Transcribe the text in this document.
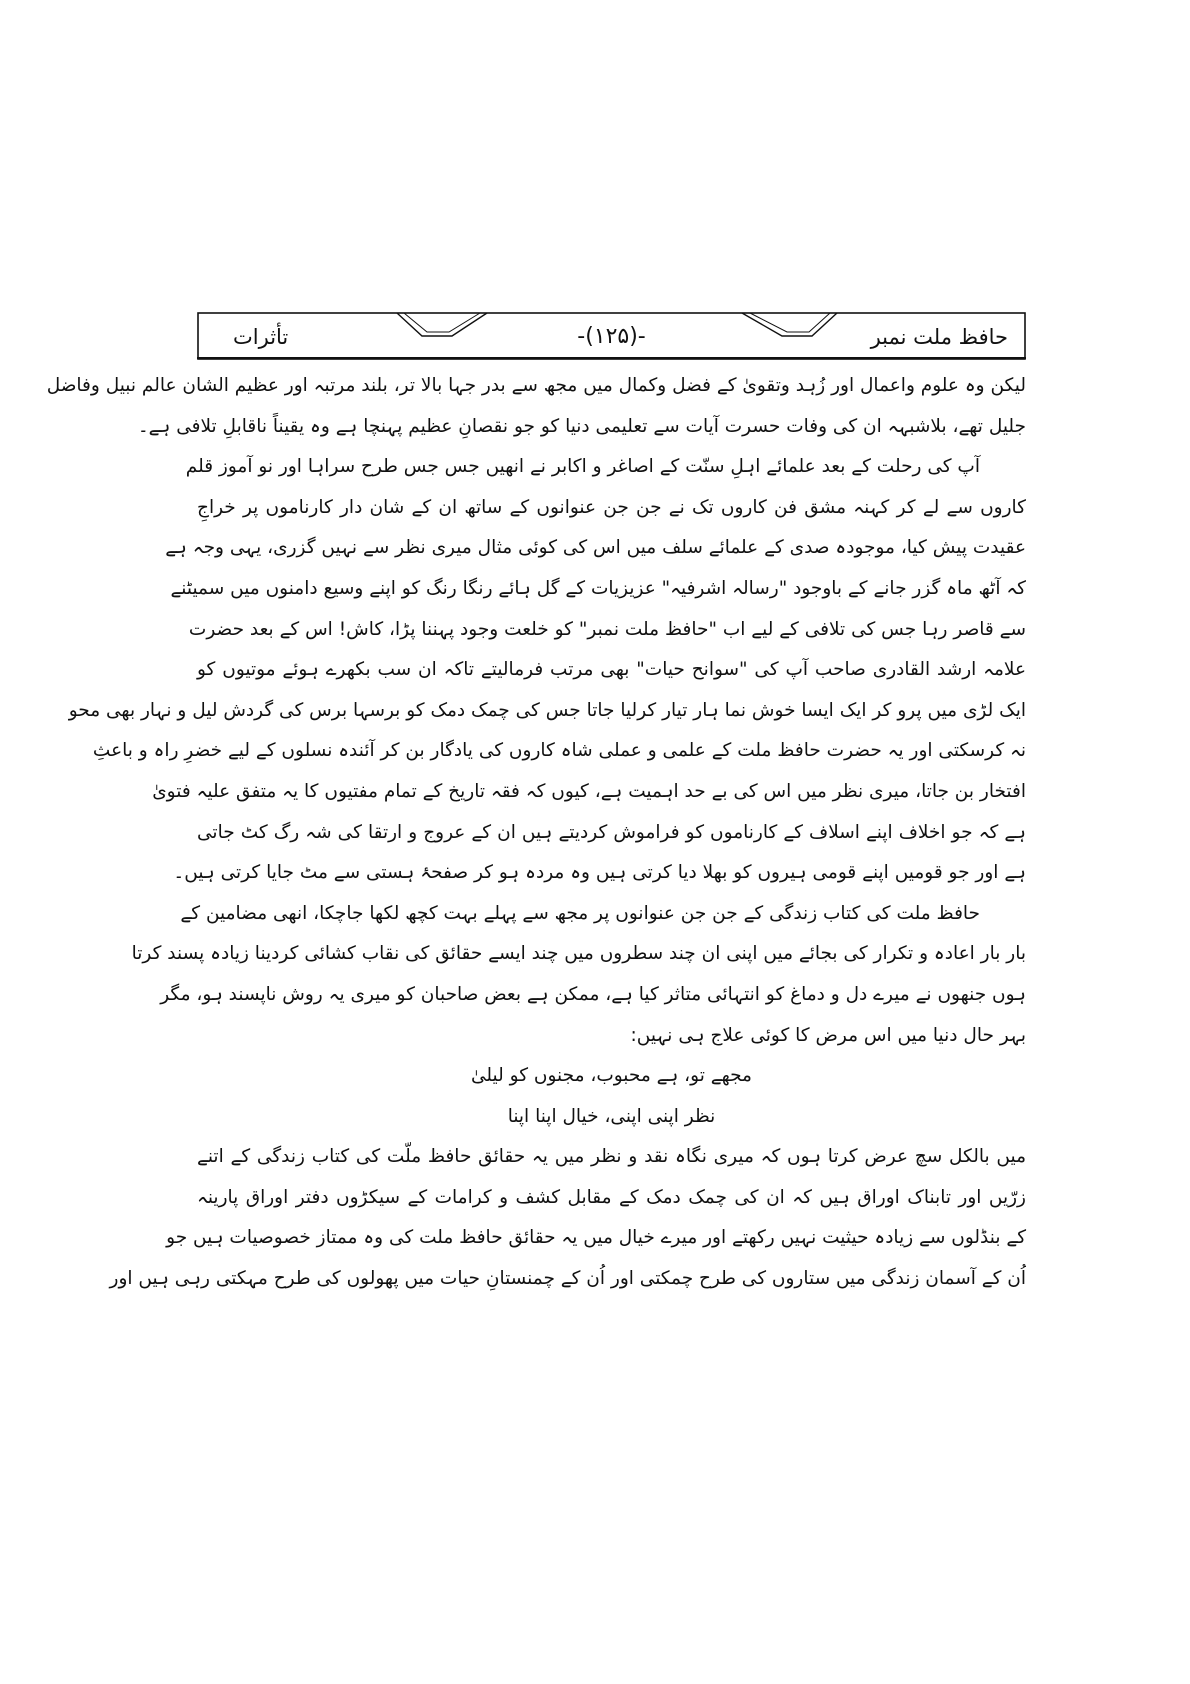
حافظ ملت نمبر
-(۱۲۵)-
تأثرات
لیکن وہ علوم واعمال اور زُہد وتقویٰ کے فضل وکمال میں مجھ سے بدر جہا بالا تر، بلند مرتبہ اور عظیم الشان عالم نبیل وفاضل
جلیل تھے، بلاشبہہ ان کی وفات حسرت آیات سے تعلیمی دنیا کو جو نقصانِ عظیم پہنچا ہے وہ یقیناً ناقابلِ تلافی ہے۔
آپ کی رحلت کے بعد علمائے اہلِ سنّت کے اصاغر و اکابر نے انھیں جس جس طرح سراہا اور نو آموز قلم
کاروں سے لے کر کہنہ مشق فن کاروں تک نے جن جن عنوانوں کے ساتھ ان کے شان دار کارناموں پر خراجِ
عقیدت پیش کیا، موجودہ صدی کے علمائے سلف میں اس کی کوئی مثال میری نظر سے نہیں گزری، یہی وجہ ہے
کہ آٹھ ماہ گزر جانے کے باوجود "رسالہ اشرفیہ" عزیزیات کے گل ہائے رنگا رنگ کو اپنے وسیع دامنوں میں سمیٹنے
سے قاصر رہا جس کی تلافی کے لیے اب "حافظ ملت نمبر" کو خلعت وجود پہننا پڑا، کاش! اس کے بعد حضرت
علامہ ارشد القادری صاحب آپ کی "سوانح حیات" بھی مرتب فرمالیتے تاکہ ان سب بکھرے ہوئے موتیوں کو
ایک لڑی میں پرو کر ایک ایسا خوش نما ہار تیار کرلیا جاتا جس کی چمک دمک کو برسہا برس کی گردش لیل و نہار بھی محو
نہ کرسکتی اور یہ حضرت حافظ ملت کے علمی و عملی شاہ کاروں کی یادگار بن کر آئندہ نسلوں کے لیے خضرِ راہ و باعثِ
افتخار بن جاتا، میری نظر میں اس کی بے حد اہمیت ہے، کیوں کہ فقہ تاریخ کے تمام مفتیوں کا یہ متفق علیہ فتویٰ
ہے کہ جو اخلاف اپنے اسلاف کے کارناموں کو فراموش کردیتے ہیں ان کے عروج و ارتقا کی شہ رگ کٹ جاتی
ہے اور جو قومیں اپنے قومی ہیروں کو بھلا دیا کرتی ہیں وہ مردہ ہو کر صفحۂ ہستی سے مٹ جایا کرتی ہیں۔
حافظ ملت کی کتاب زندگی کے جن جن عنوانوں پر مجھ سے پہلے بہت کچھ لکھا جاچکا، انھی مضامین کے
بار بار اعادہ و تکرار کی بجائے میں اپنی ان چند سطروں میں چند ایسے حقائق کی نقاب کشائی کردینا زیادہ پسند کرتا
ہوں جنھوں نے میرے دل و دماغ کو انتہائی متاثر کیا ہے، ممکن ہے بعض صاحبان کو میری یہ روش ناپسند ہو، مگر
بہر حال دنیا میں اس مرض کا کوئی علاج ہی نہیں:
مجھے تو، ہے محبوب، مجنوں کو لیلیٰ
نظر اپنی اپنی، خیال اپنا اپنا
میں بالکل سچ عرض کرتا ہوں کہ میری نگاہ نقد و نظر میں یہ حقائق حافظ ملّت کی کتاب زندگی کے اتنے
زرّیں اور تابناک اوراق ہیں کہ ان کی چمک دمک کے مقابل کشف و کرامات کے سیکڑوں دفتر اوراق پارینہ
کے بنڈلوں سے زیادہ حیثیت نہیں رکھتے اور میرے خیال میں یہ حقائق حافظ ملت کی وہ ممتاز خصوصیات ہیں جو
اُن کے آسمان زندگی میں ستاروں کی طرح چمکتی اور اُن کے چمنستانِ حیات میں پھولوں کی طرح مہکتی رہی ہیں اور
